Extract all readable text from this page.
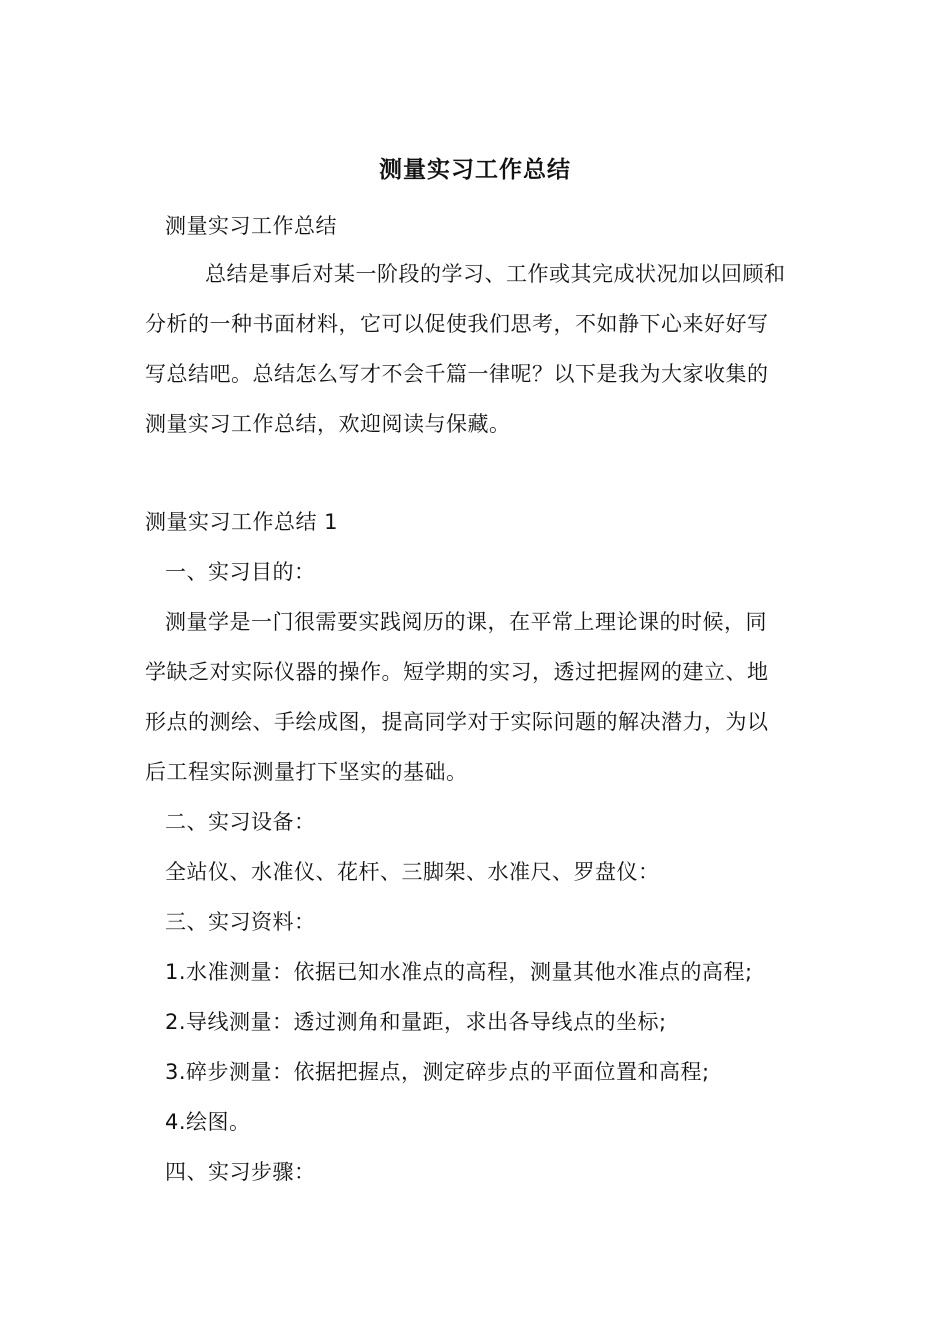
测量实习工作总结
测量实习工作总结
总结是事后对某一阶段的学习、工作或其完成状况加以回顾和
分析的一种书面材料，它可以促使我们思考，不如静下心来好好写
写总结吧。总结怎么写才不会千篇一律呢？以下是我为大家收集的
测量实习工作总结，欢迎阅读与保藏。
测量实习工作总结 1
一、实习目的：
测量学是一门很需要实践阅历的课，在平常上理论课的时候，同
学缺乏对实际仪器的操作。短学期的实习，透过把握网的建立、地
形点的测绘、手绘成图，提高同学对于实际问题的解决潜力，为以
后工程实际测量打下坚实的基础。
二、实习设备：
全站仪、水准仪、花杆、三脚架、水准尺、罗盘仪：
三、实习资料：
1.水准测量：依据已知水准点的高程，测量其他水准点的高程;
2.导线测量：透过测角和量距，求出各导线点的坐标;
3.碎步测量：依据把握点，测定碎步点的平面位置和高程;
4.绘图。
四、实习步骤：
